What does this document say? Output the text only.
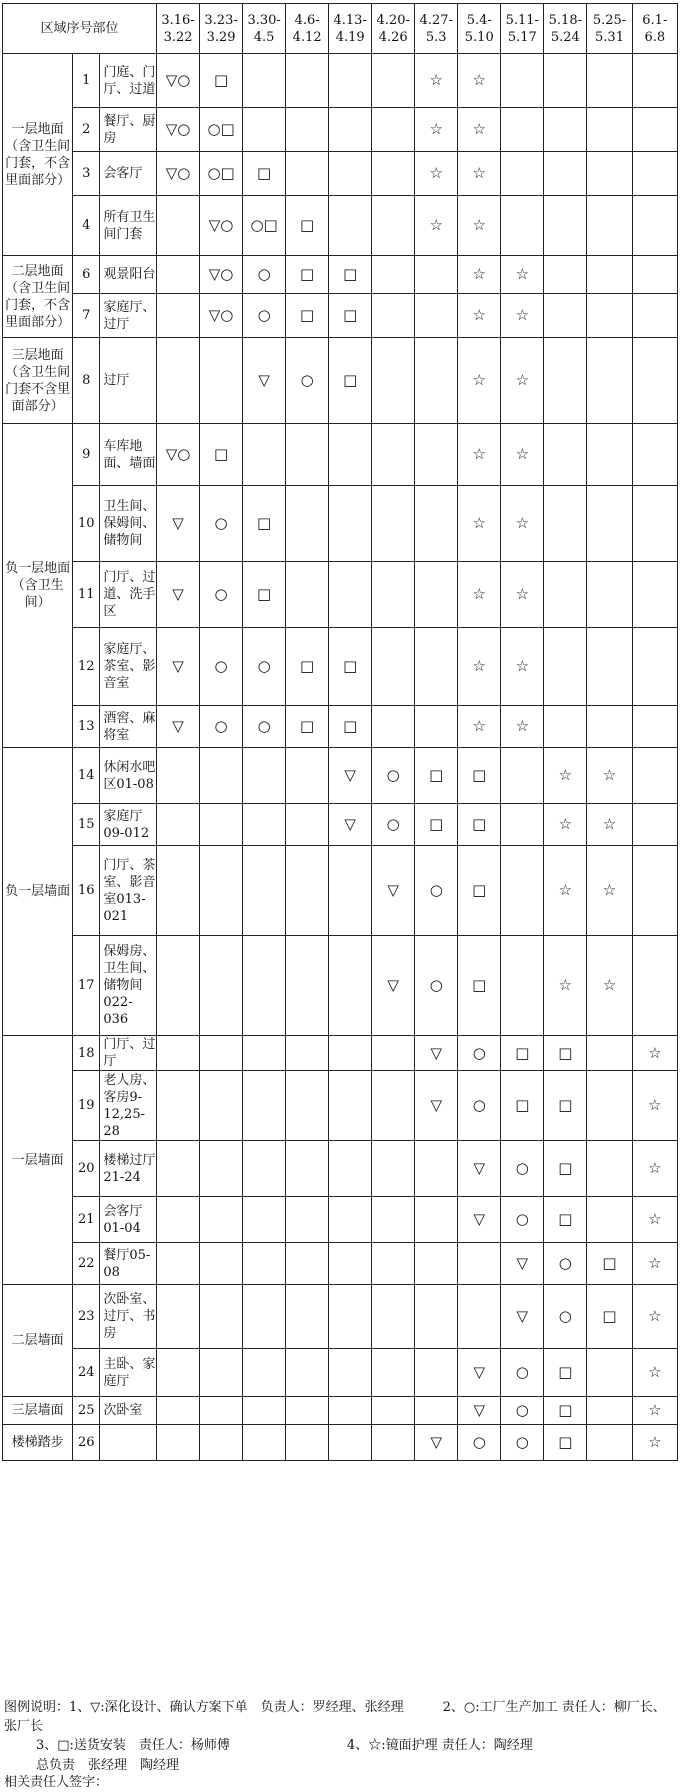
区域序号部位			3.16-3.22	3.23-3.29	3.30-4.5	4.6-4.12	4.13-4.19	4.20-4.26	4.27-5.3	5.4-5.10	5.11-5.17	5.18-5.24	5.25-5.31	6.1-6.8
一层地面（含卫生间门套，不含里面部分）	1	门庭、门厅、过道	▽○	□					☆	☆				
	2	餐厅、厨房	▽○	○□					☆	☆				
	3	会客厅	▽○	○□	□				☆	☆				
	4	所有卫生间门套		▽○	○□	□			☆	☆				
二层地面（含卫生间门套，不含里面部分）	6	观景阳台		▽○	○	□	□			☆	☆			
	7	家庭厅、过厅		▽○	○	□	□			☆	☆			
三层地面（含卫生间门套不含里面部分）	8	过厅			▽	○	□			☆	☆			
负一层地面（含卫生间）	9	车库地面、墙面	▽○	□						☆	☆			
	10	卫生间、保姆间、储物间	▽	○	□					☆	☆			
	11	门厅、过道、洗手区	▽	○	□					☆	☆			
	12	家庭厅、茶室、影音室	▽	○	○	□	□			☆	☆			
	13	酒窖、麻将室	▽	○	○	□	□			☆	☆			
负一层墙面	14	休闲水吧区01-08					▽	○	□	□		☆	☆	
	15	家庭厅09-012					▽	○	□	□		☆	☆	
	16	门厅、茶室、影音室013-021						▽	○	□		☆	☆	
	17	保姆房、卫生间、储物间022-036						▽	○	□		☆	☆	
一层墙面	18	门厅、过厅							▽	○	□	□		☆
	19	老人房、客房9-12,25-28							▽	○	□	□		☆
	20	楼梯过厅21-24								▽	○	□		☆
	21	会客厅01-04								▽	○	□		☆
	22	餐厅05-08									▽	○	□	☆
二层墙面	23	次卧室、过厅、书房									▽	○	□	☆
	24	主卧、家庭厅								▽	○	□		☆
三层墙面	25	次卧室								▽	○	□		☆
楼梯踏步	26								▽	○	○	□		☆
图例说明：1、▽:深化设计、确认方案下单　负责人：罗经理、张经理　　　2、○:工厂生产加工 责任人：柳厂长、张厂长
3、□:送货安装　责任人：杨师傅　　　　　　　　　4、☆:镜面护理 责任人：陶经理
总负责　张经理　陶经理
相关责任人签字：
